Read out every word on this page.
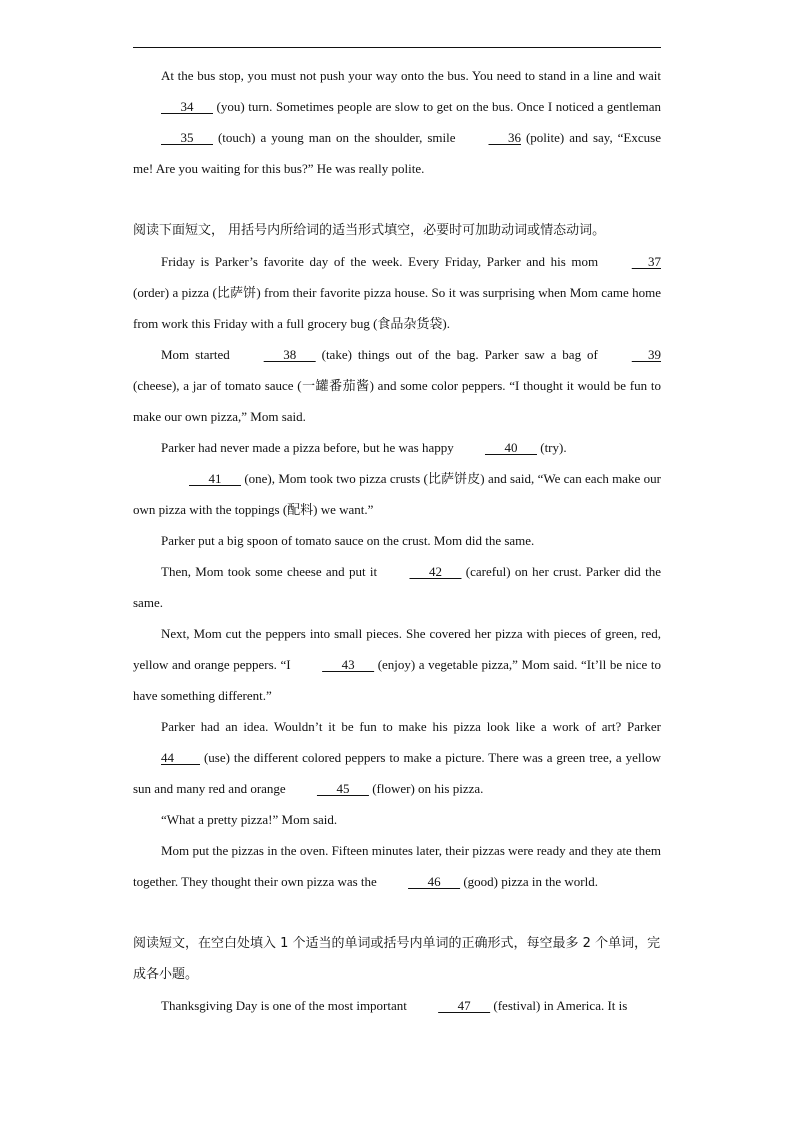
At the bus stop, you must not push your way onto the bus. You need to stand in a line and wait       34       (you) turn. Sometimes people are slow to get on the bus. Once I noticed a gentleman       35       (touch) a young man on the shoulder, smile       36 (polite) and say, “Excuse me! Are you waiting for this bus?” He was really polite.

阅读下面短文， 用括号内所给词的适当形式填空，必要时可加助动词或情态动词。

Friday is Parker’s favorite day of the week. Every Friday, Parker and his mom      37 (order) a pizza (比萨饼) from their favorite pizza house. So it was surprising when Mom came home from work this Friday with a full grocery bug (食品杂货袋).

Mom started       38       (take) things out of the bag. Parker saw a bag of      39 (cheese), a jar of tomato sauce (一罐番茄酱) and some color peppers. “I thought it would be fun to make our own pizza,” Mom said.

Parker had never made a pizza before, but he was happy       40       (try).

41       (one), Mom took two pizza crusts (比萨饼皮) and said, “We can each make our own pizza with the toppings (配料) we want.”

Parker put a big spoon of tomato sauce on the crust. Mom did the same.

Then, Mom took some cheese and put it       42       (careful) on her crust. Parker did the same.

Next, Mom cut the peppers into small pieces. She covered her pizza with pieces of green, red, yellow and orange peppers. “I       43       (enjoy) a vegetable pizza,” Mom said. “It’ll be nice to have something different.”

Parker had an idea. Wouldn’t it be fun to make his pizza look like a work of art? Parker 44         (use) the different colored peppers to make a picture. There was a green tree, a yellow sun and many red and orange       45       (flower) on his pizza.

“What a pretty pizza!” Mom said.

Mom put the pizzas in the oven. Fifteen minutes later, their pizzas were ready and they ate them together. They thought their own pizza was the       46       (good) pizza in the world.

阅读短文，在空白处填入 1 个适当的单词或括号内单词的正确形式，每空最多 2 个单词，完成各小题。

Thanksgiving Day is one of the most important       47       (festival) in America. It is
